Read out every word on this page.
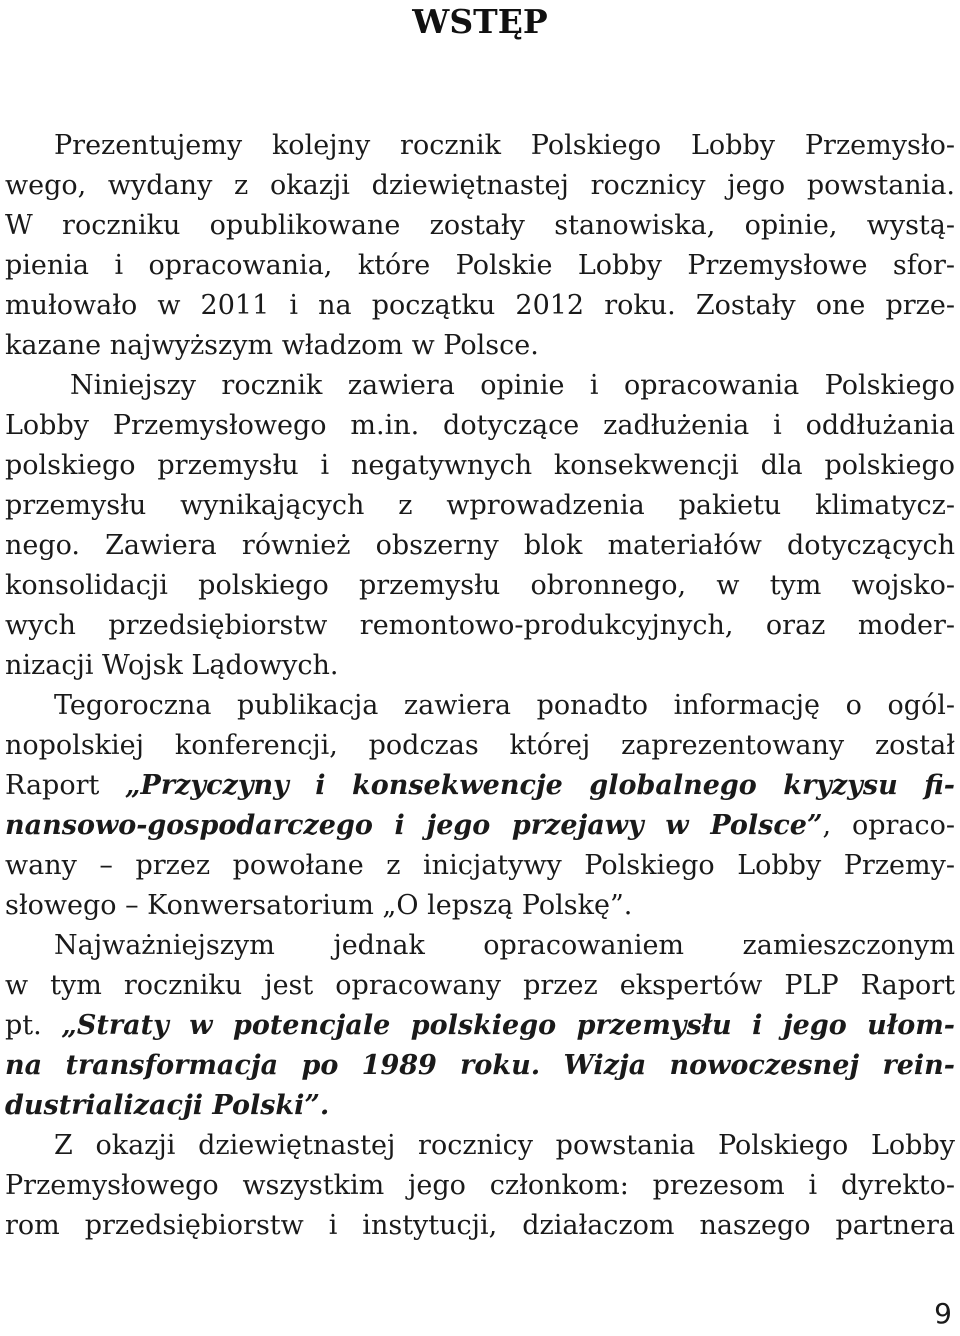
WSTĘP
Prezentujemy kolejny rocznik Polskiego Lobby Przemysło-
wego, wydany z okazji dziewiętnastej rocznicy jego powstania.
W roczniku opublikowane zostały stanowiska, opinie, wystą-
pienia i opracowania, które Polskie Lobby Przemysłowe sfor-
mułowało w 2011 i na początku 2012 roku. Zostały one prze-
kazane najwyższym władzom w Polsce.
Niniejszy rocznik zawiera opinie i opracowania Polskiego
Lobby Przemysłowego m.in. dotyczące zadłużenia i oddłużania
polskiego przemysłu i negatywnych konsekwencji dla polskiego
przemysłu wynikających z wprowadzenia pakietu klimatycz-
nego. Zawiera również obszerny blok materiałów dotyczących
konsolidacji polskiego przemysłu obronnego, w tym wojsko-
wych przedsiębiorstw remontowo-produkcyjnych, oraz moder-
nizacji Wojsk Lądowych.
Tegoroczna publikacja zawiera ponadto informację o ogól-
nopolskiej konferencji, podczas której zaprezentowany został
Raport „Przyczyny i konsekwencje globalnego kryzysu fi-
nansowo-gospodarczego i jego przejawy w Polsce”, opraco-
wany – przez powołane z inicjatywy Polskiego Lobby Przemy-
słowego – Konwersatorium „O lepszą Polskę”.
Najważniejszym jednak opracowaniem zamieszczonym
w tym roczniku jest opracowany przez ekspertów PLP Raport
pt. „Straty w potencjale polskiego przemysłu i jego ułom-
na transformacja po 1989 roku. Wizja nowoczesnej rein-
dustrializacji Polski”.
Z okazji dziewiętnastej rocznicy powstania Polskiego Lobby
Przemysłowego wszystkim jego członkom: prezesom i dyrekto-
rom przedsiębiorstw i instytucji, działaczom naszego partnera
9
